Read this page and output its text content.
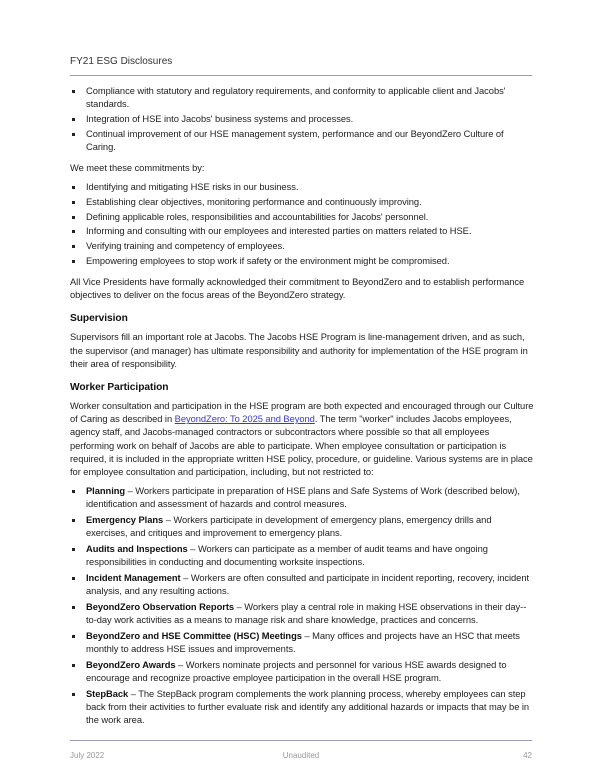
FY21 ESG Disclosures
Compliance with statutory and regulatory requirements, and conformity to applicable client and Jacobs' standards.
Integration of HSE into Jacobs' business systems and processes.
Continual improvement of our HSE management system, performance and our BeyondZero Culture of Caring.

We meet these commitments by:

Identifying and mitigating HSE risks in our business.
Establishing clear objectives, monitoring performance and continuously improving.
Defining applicable roles, responsibilities and accountabilities for Jacobs' personnel.
Informing and consulting with our employees and interested parties on matters related to HSE.
Verifying training and competency of employees.
Empowering employees to stop work if safety or the environment might be compromised.

All Vice Presidents have formally acknowledged their commitment to BeyondZero and to establish performance objectives to deliver on the focus areas of the BeyondZero strategy.

Supervision

Supervisors fill an important role at Jacobs. The Jacobs HSE Program is line-management driven, and as such, the supervisor (and manager) has ultimate responsibility and authority for implementation of the HSE program in their area of responsibility.

Worker Participation

Worker consultation and participation in the HSE program are both expected and encouraged through our Culture of Caring as described in BeyondZero: To 2025 and Beyond. The term "worker" includes Jacobs employees, agency staff, and Jacobs-managed contractors or subcontractors where possible so that all employees performing work on behalf of Jacobs are able to participate. When employee consultation or participation is required, it is included in the appropriate written HSE policy, procedure, or guideline. Various systems are in place for employee consultation and participation, including, but not restricted to:

Planning – Workers participate in preparation of HSE plans and Safe Systems of Work (described below), identification and assessment of hazards and control measures.
Emergency Plans – Workers participate in development of emergency plans, emergency drills and exercises, and critiques and improvement to emergency plans.
Audits and Inspections – Workers can participate as a member of audit teams and have ongoing responsibilities in conducting and documenting worksite inspections.
Incident Management – Workers are often consulted and participate in incident reporting, recovery, incident analysis, and any resulting actions.
BeyondZero Observation Reports – Workers play a central role in making HSE observations in their day--to-day work activities as a means to manage risk and share knowledge, practices and concerns.
BeyondZero and HSE Committee (HSC) Meetings – Many offices and projects have an HSC that meets monthly to address HSE issues and improvements.
BeyondZero Awards – Workers nominate projects and personnel for various HSE awards designed to encourage and recognize proactive employee participation in the overall HSE program.
StepBack – The StepBack program complements the work planning process, whereby employees can step back from their activities to further evaluate risk and identify any additional hazards or impacts that may be in the work area.
July 2022	Unaudited	42
